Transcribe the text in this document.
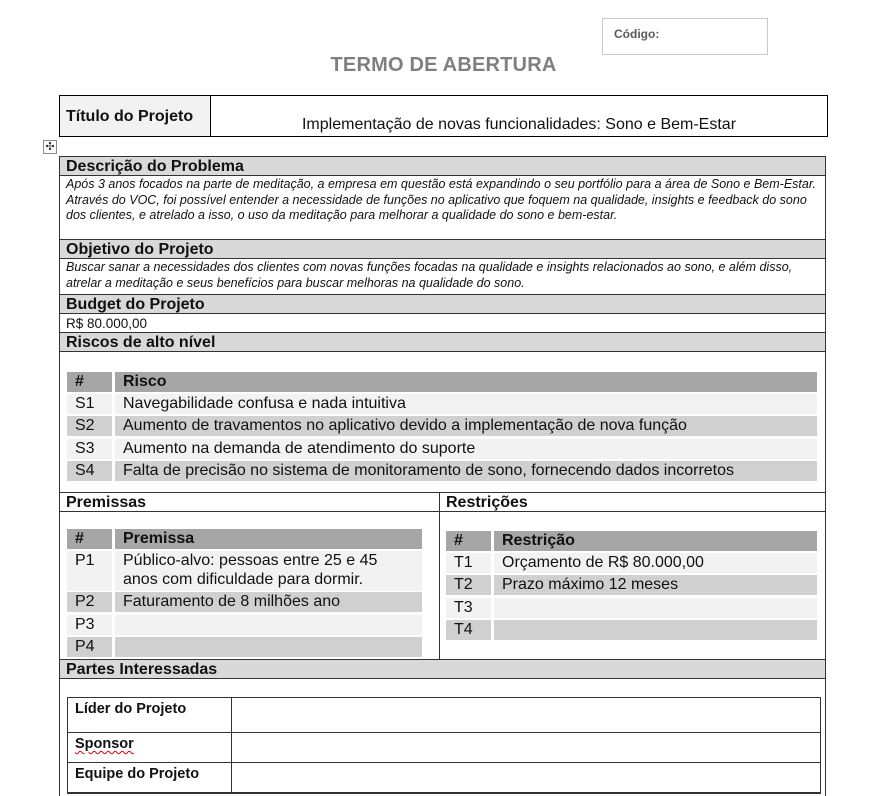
Código:
TERMO DE ABERTURA
Título do Projeto	Implementação de novas funcionalidades: Sono e Bem-Estar
✣
Descrição do Problema
Após 3 anos focados na parte de meditação, a empresa em questão está expandindo o seu portfólio para a área de Sono e Bem-Estar. Através do VOC, foi possível entender a necessidade de funções no aplicativo que foquem na qualidade, insights e feedback do sono dos clientes, e atrelado a isso, o uso da meditação para melhorar a qualidade do sono e bem-estar.
Objetivo do Projeto
Buscar sanar a necessidades dos clientes com novas funções focadas na qualidade e insights relacionados ao sono, e além disso, atrelar a meditação e seus benefícios para buscar melhoras na qualidade do sono.
Budget do Projeto
R$ 80.000,00
Riscos de alto nível
#	Risco
S1	Navegabilidade confusa e nada intuitiva
S2	Aumento de travamentos no aplicativo devido a implementação de nova função
S3	Aumento na demanda de atendimento do suporte
S4	Falta de precisão no sistema de monitoramento de sono, fornecendo dados incorretos
Premissas	Restrições
#	Premissa
P1	Público-alvo: pessoas entre 25 e 45
anos com dificuldade para dormir.
P2	Faturamento de 8 milhões ano
P3
P4
#	Restrição
T1	Orçamento de R$ 80.000,00
T2	Prazo máximo 12 meses
T3
T4
Partes Interessadas
Líder do Projeto
Sponsor
Equipe do Projeto
